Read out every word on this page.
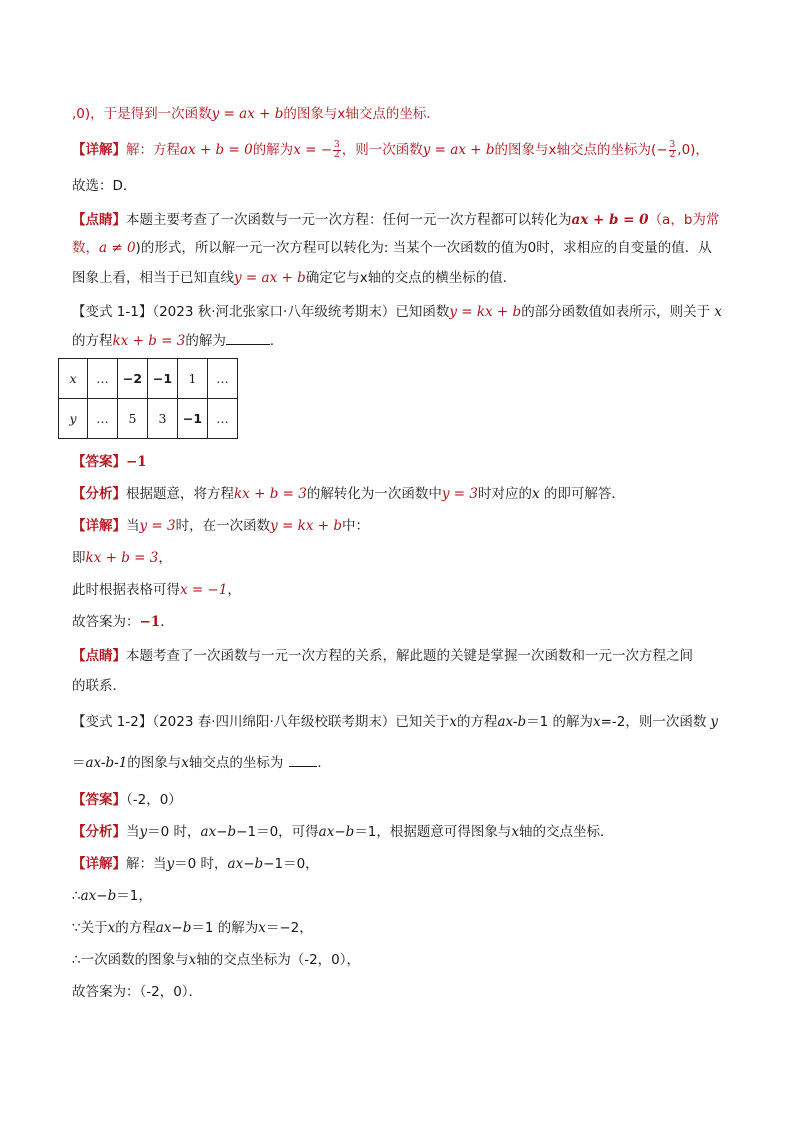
,0)，于是得到一次函数y = ax + b的图象与x轴交点的坐标．
【详解】解：方程ax + b = 0的解为x = − $\frac{3}{2}$ ，则一次函数y = ax + b的图象与x轴交点的坐标为(− $\frac{3}{2} ,0$)，
故选：D．
【点睛】本题主要考查了一次函数与一元一次方程：任何一元一次方程都可以转化为ax + b = 0（a，b为常
数，a ≠ 0)的形式，所以解一元一次方程可以转化为: 当某个一次函数的值为0时，求相应的自变量的值．从
图象上看，相当于已知直线y = ax + b确定它与x轴的交点的横坐标的值．
【变式 1-1】（2023 秋·河北张家口·八年级统考期末）已知函数y = kx + b的部分函数值如表所示，则关于 x
的方程kx + b = 3的解为	．
x	…	−2	−1	1	…
y	…	5	3	−1	…
【答案】−1
【分析】根据题意，将方程kx + b = 3的解转化为一次函数中y = 3时对应的x 的即可解答．
【详解】当y = 3时，在一次函数y = kx + b中：
即kx + b = 3，
此时根据表格可得x = −1，
故答案为：−1．
【点睛】本题考查了一次函数与一元一次方程的关系，解此题的关键是掌握一次函数和一元一次方程之间
的联系．
【变式 1-2】（2023 春·四川绵阳·八年级校联考期末）已知关于x的方程ax-b＝1 的解为x=-2，则一次函数 y
＝ax-b-1的图象与x轴交点的坐标为	．
【答案】（-2，0）
【分析】当y＝0 时，ax−b−1＝0，可得ax−b＝1，根据题意可得图象与x轴的交点坐标．
【详解】解：当y＝0 时，ax−b−1＝0，
∴ax−b＝1，
∵关于x的方程ax−b＝1 的解为x＝−2，
∴一次函数的图象与x轴的交点坐标为（-2，0），
故答案为：（-2，0）．
